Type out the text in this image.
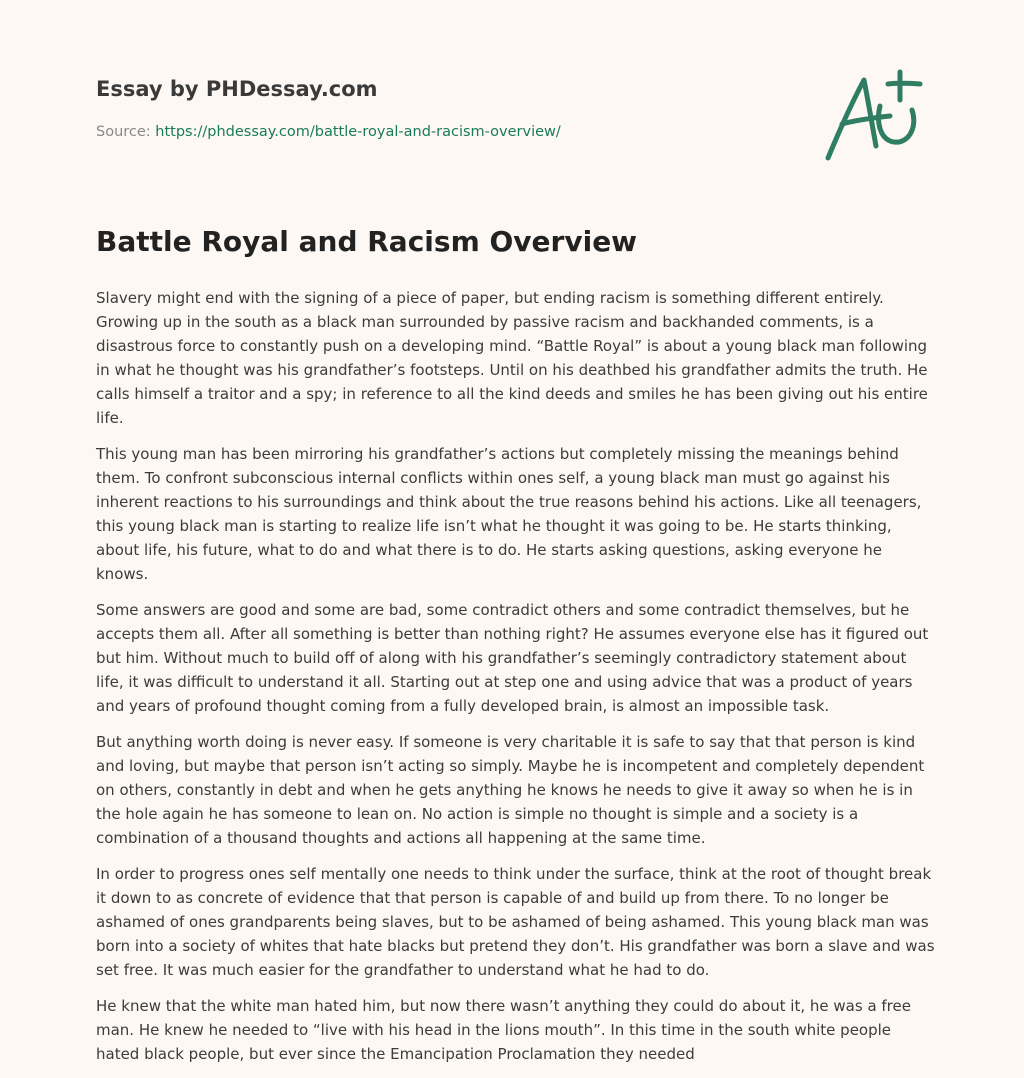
Essay by PHDessay.com
Source: https://phdessay.com/battle-royal-and-racism-overview/
Battle Royal and Racism Overview

Slavery might end with the signing of a piece of paper, but ending racism is something different entirely. Growing up in the south as a black man surrounded by passive racism and backhanded comments, is a disastrous force to constantly push on a developing mind. “Battle Royal” is about a young black man following in what he thought was his grandfather’s footsteps. Until on his deathbed his grandfather admits the truth. He calls himself a traitor and a spy; in reference to all the kind deeds and smiles he has been giving out his entire life.

This young man has been mirroring his grandfather’s actions but completely missing the meanings behind them. To confront subconscious internal conflicts within ones self, a young black man must go against his inherent reactions to his surroundings and think about the true reasons behind his actions. Like all teenagers, this young black man is starting to realize life isn’t what he thought it was going to be. He starts thinking, about life, his future, what to do and what there is to do. He starts asking questions, asking everyone he knows.

Some answers are good and some are bad, some contradict others and some contradict themselves, but he accepts them all. After all something is better than nothing right? He assumes everyone else has it figured out but him. Without much to build off of along with his grandfather’s seemingly contradictory statement about life, it was difficult to understand it all. Starting out at step one and using advice that was a product of years and years of profound thought coming from a fully developed brain, is almost an impossible task.

But anything worth doing is never easy. If someone is very charitable it is safe to say that that person is kind and loving, but maybe that person isn’t acting so simply. Maybe he is incompetent and completely dependent on others, constantly in debt and when he gets anything he knows he needs to give it away so when he is in the hole again he has someone to lean on. No action is simple no thought is simple and a society is a combination of a thousand thoughts and actions all happening at the same time.

In order to progress ones self mentally one needs to think under the surface, think at the root of thought break it down to as concrete of evidence that that person is capable of and build up from there. To no longer be ashamed of ones grandparents being slaves, but to be ashamed of being ashamed. This young black man was born into a society of whites that hate blacks but pretend they don’t. His grandfather was born a slave and was set free. It was much easier for the grandfather to understand what he had to do.

He knew that the white man hated him, but now there wasn’t anything they could do about it, he was a free man. He knew he needed to “live with his head in the lions mouth”. In this time in the south white people hated black people, but ever since the Emancipation Proclamation they needed
